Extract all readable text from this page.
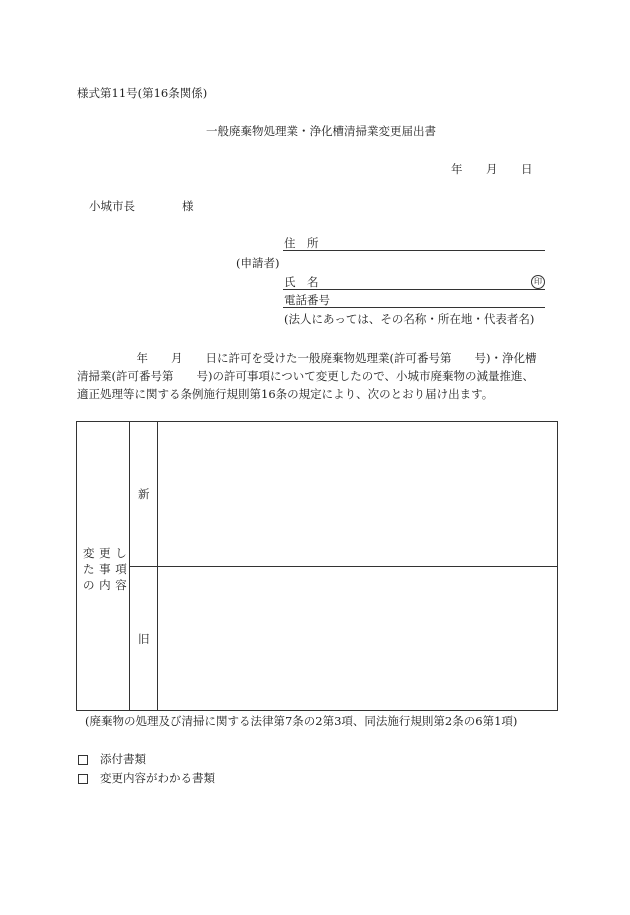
様式第11号(第16条関係)
一般廃棄物処理業・浄化槽清掃業変更届出書
年 月 日
小城市長	様
住　所
(申請者)
氏　名	印
電話番号
(法人にあっては、その名称・所在地・代表者名)
　年　　月　　日に許可を受けた一般廃棄物処理業(許可番号第　　号)・浄化槽
清掃業(許可番号第　　号)の許可事項について変更したので、小城市廃棄物の減量推進、
適正処理等に関する条例施行規則第16条の規定により、次のとおり届け出ます。
変 更 し
た 事 項
の 内 容
新
旧
(廃棄物の処理及び清掃に関する法律第7条の2第3項、同法施行規則第2条の6第1項)
添付書類
変更内容がわかる書類
